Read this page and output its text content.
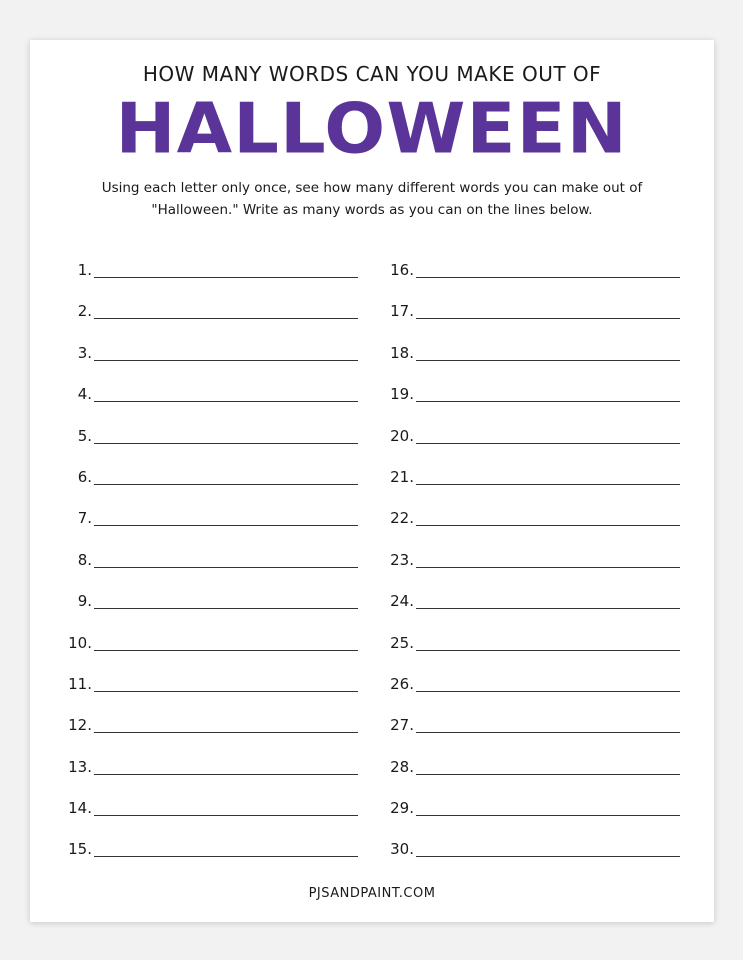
HOW MANY WORDS CAN YOU MAKE OUT OF
HALLOWEEN
Using each letter only once, see how many different words you can make out of
"Halloween." Write as many words as you can on the lines below.
1.
2.
3.
4.
5.
6.
7.
8.
9.
10.
11.
12.
13.
14.
15.
16.
17.
18.
19.
20.
21.
22.
23.
24.
25.
26.
27.
28.
29.
30.
PJSANDPAINT.COM
